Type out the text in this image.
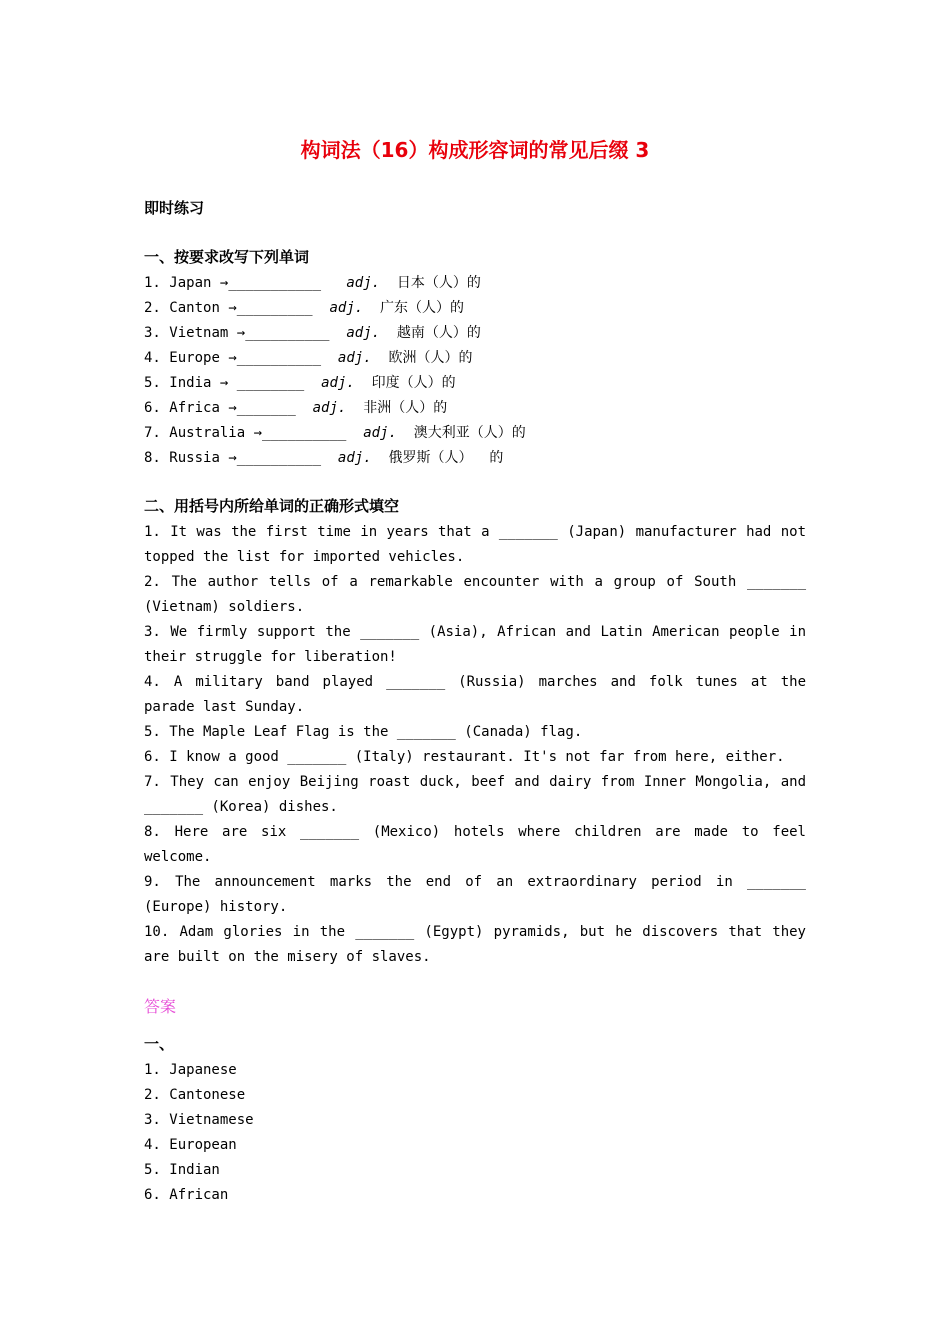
构词法（16）构成形容词的常见后缀 3
即时练习
一、按要求改写下列单词
1. Japan →___________ adj. 日本（人）的
2. Canton →_________ adj. 广东（人）的
3. Vietnam →__________ adj. 越南（人）的
4. Europe →__________ adj. 欧洲（人）的
5. India → ________ adj. 印度（人）的
6. Africa →_______ adj. 非洲（人）的
7. Australia →__________ adj. 澳大利亚（人）的
8. Russia →__________ adj. 俄罗斯（人）  的
二、用括号内所给单词的正确形式填空
1. It was the first time in years that a _______ (Japan) manufacturer had not topped the list for imported vehicles.
2. The author tells of a remarkable encounter with a group of South _______ (Vietnam) soldiers.
3. We firmly support the _______ (Asia), African and Latin American people in their struggle for liberation!
4. A military band played _______ (Russia) marches and folk tunes at the parade last Sunday.
5. The Maple Leaf Flag is the _______ (Canada) flag.
6. I know a good _______ (Italy) restaurant. It's not far from here, either.
7. They can enjoy Beijing roast duck, beef and dairy from Inner Mongolia, and _______ (Korea) dishes.
8. Here are six _______ (Mexico) hotels where children are made to feel welcome.
9. The announcement marks the end of an extraordinary period in _______ (Europe) history.
10. Adam glories in the _______ (Egypt) pyramids, but he discovers that they are built on the misery of slaves.
答案
一、
1. Japanese
2. Cantonese
3. Vietnamese
4. European
5. Indian
6. African
